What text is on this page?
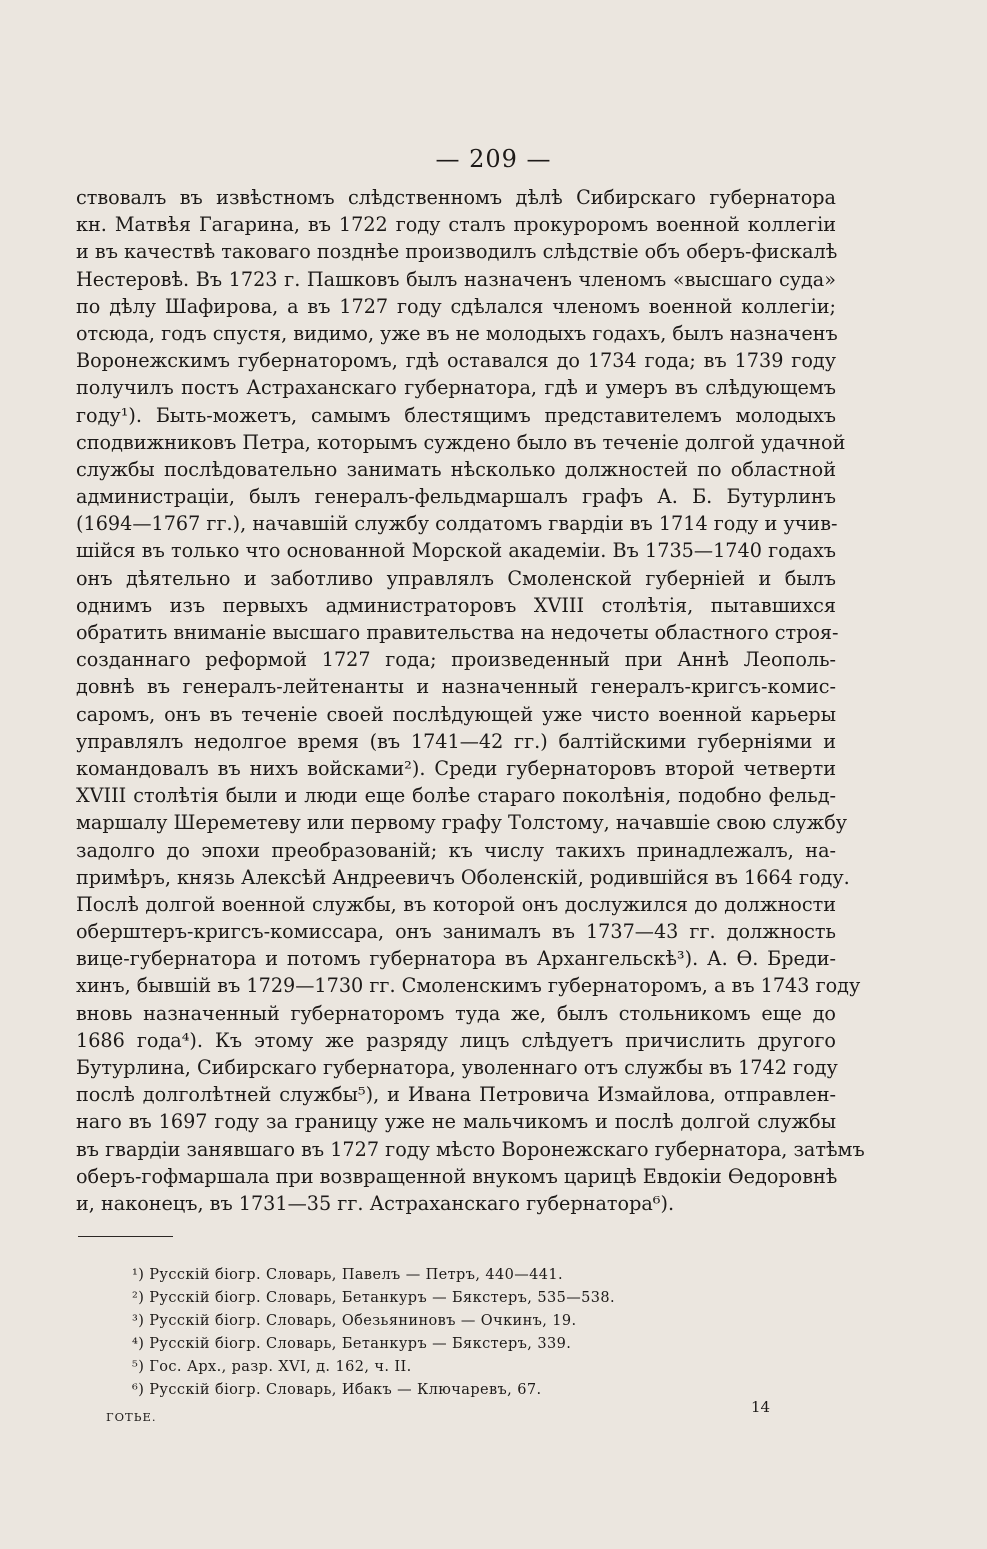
— 209 —
ствовалъ въ извѣстномъ слѣдственномъ дѣлѣ Сибирскаго губернатора
кн. Матвѣя Гагарина, въ 1722 году сталъ прокуроромъ военной коллегіи
и въ качествѣ таковаго позднѣе производилъ слѣдствіе объ оберъ-фискалѣ
Нестеровѣ. Въ 1723 г. Пашковъ былъ назначенъ членомъ «высшаго суда»
по дѣлу Шафирова, а въ 1727 году сдѣлался членомъ военной коллегіи;
отсюда, годъ спустя, видимо, уже въ не молодыхъ годахъ, былъ назначенъ
Воронежскимъ губернаторомъ, гдѣ оставался до 1734 года; въ 1739 году
получилъ постъ Астраханскаго губернатора, гдѣ и умеръ въ слѣдующемъ
году¹). Быть-можетъ, самымъ блестящимъ представителемъ молодыхъ
сподвижниковъ Петра, которымъ суждено было въ теченіе долгой удачной
службы послѣдовательно занимать нѣсколько должностей по областной
администраціи, былъ генералъ-фельдмаршалъ графъ А. Б. Бутурлинъ
(1694—1767 гг.), начавшій службу солдатомъ гвардіи въ 1714 году и учив-
шійся въ только что основанной Морской академіи. Въ 1735—1740 годахъ
онъ дѣятельно и заботливо управлялъ Смоленской губерніей и былъ
однимъ изъ первыхъ администраторовъ XVIII столѣтія, пытавшихся
обратить вниманіе высшаго правительства на недочеты областного строя-
созданнаго реформой 1727 года; произведенный при Аннѣ Леополь-
довнѣ въ генералъ-лейтенанты и назначенный генералъ-кригсъ-комис-
саромъ, онъ въ теченіе своей послѣдующей уже чисто военной карьеры
управлялъ недолгое время (въ 1741—42 гг.) балтійскими губерніями и
командовалъ въ нихъ войсками²). Среди губернаторовъ второй четверти
XVIII столѣтія были и люди еще болѣе стараго поколѣнія, подобно фельд-
маршалу Шереметеву или первому графу Толстому, начавшіе свою службу
задолго до эпохи преобразованій; къ числу такихъ принадлежалъ, на-
примѣръ, князь Алексѣй Андреевичъ Оболенскій, родившійся въ 1664 году.
Послѣ долгой военной службы, въ которой онъ дослужился до должности
оберштеръ-кригсъ-комиссара, онъ занималъ въ 1737—43 гг. должность
вице-губернатора и потомъ губернатора въ Архангельскѣ³). А. Ѳ. Бреди-
хинъ, бывшій въ 1729—1730 гг. Смоленскимъ губернаторомъ, а въ 1743 году
вновь назначенный губернаторомъ туда же, былъ стольникомъ еще до
1686 года⁴). Къ этому же разряду лицъ слѣдуетъ причислить другого
Бутурлина, Сибирскаго губернатора, уволеннаго отъ службы въ 1742 году
послѣ долголѣтней службы⁵), и Ивана Петровича Измайлова, отправлен-
наго въ 1697 году за границу уже не мальчикомъ и послѣ долгой службы
въ гвардіи занявшаго въ 1727 году мѣсто Воронежскаго губернатора, затѣмъ
оберъ-гофмаршала при возвращенной внукомъ царицѣ Евдокіи Ѳедоровнѣ
и, наконецъ, въ 1731—35 гг. Астраханскаго губернатора⁶).
¹) Русскій біогр. Словарь, Павелъ — Петръ, 440—441.
²) Русскій біогр. Словарь, Бетанкуръ — Бякстеръ, 535—538.
³) Русскій біогр. Словарь, Обезьяниновъ — Очкинъ, 19.
⁴) Русскій біогр. Словарь, Бетанкуръ — Бякстеръ, 339.
⁵) Гос. Арх., разр. XVI, д. 162, ч. II.
⁶) Русскій біогр. Словарь, Ибакъ — Ключаревъ, 67.
ГОТЬЕ.
14
